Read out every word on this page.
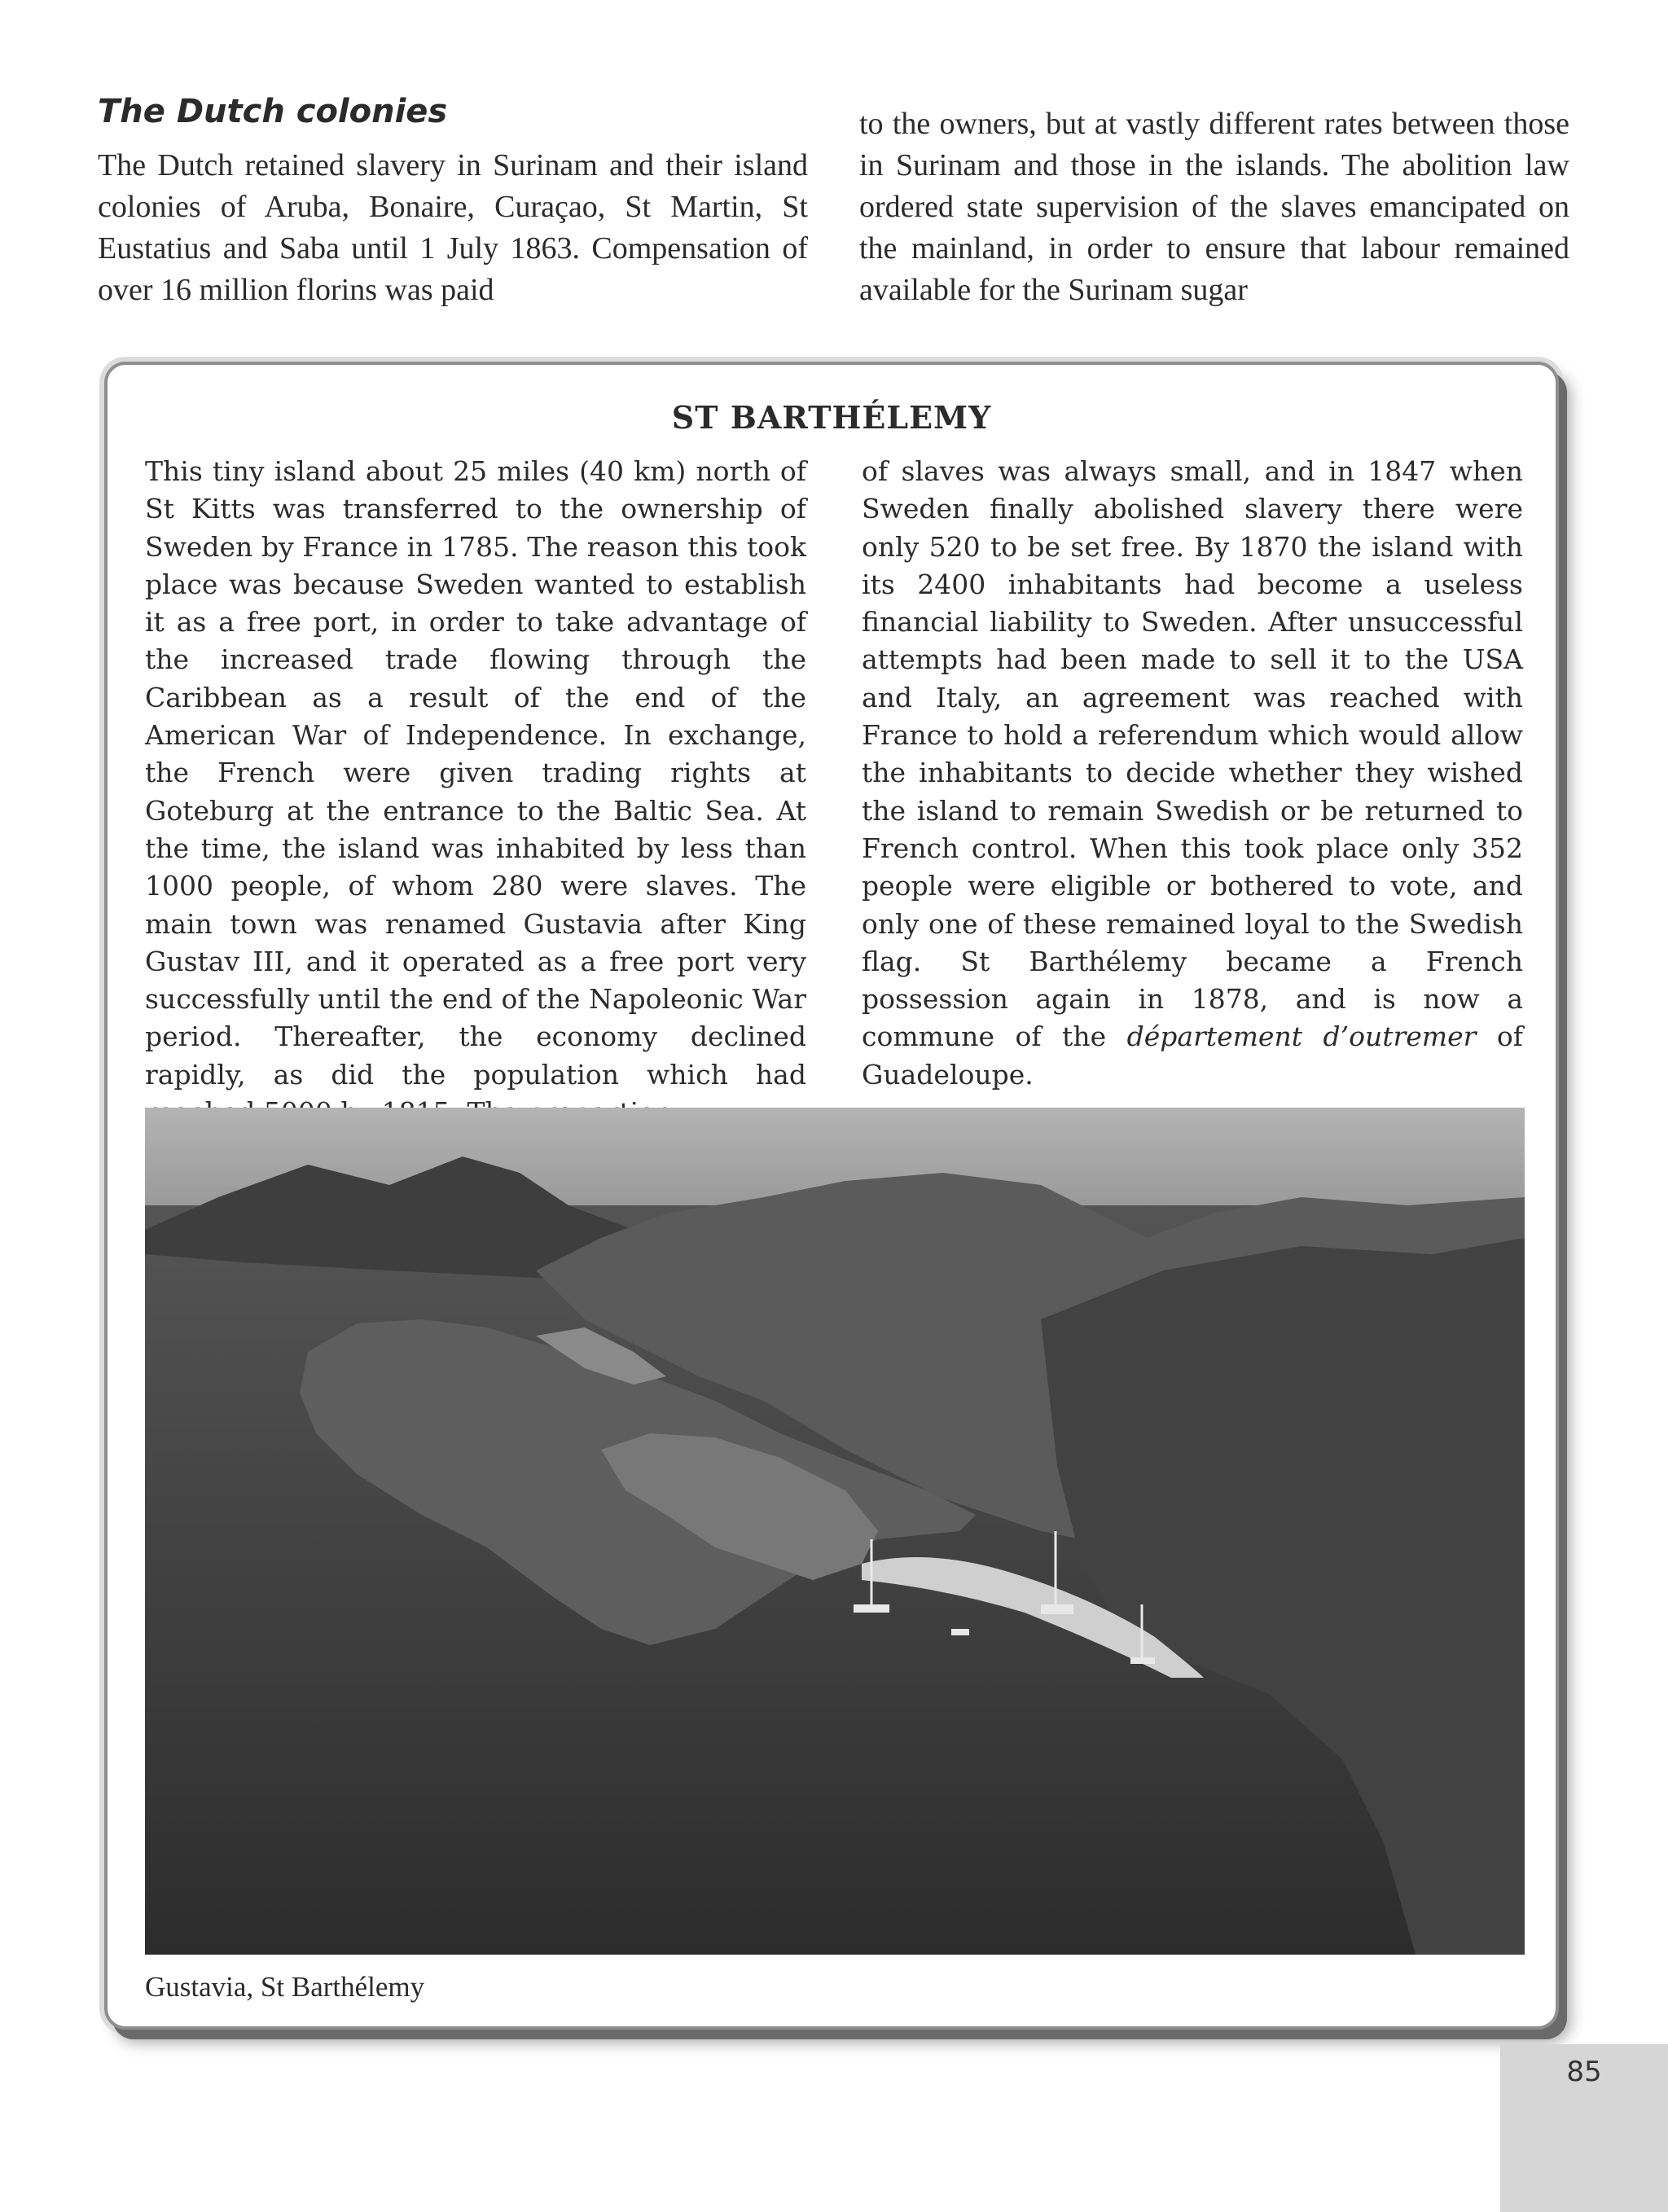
The Dutch colonies

The Dutch retained slavery in Surinam and their island colonies of Aruba, Bonaire, Curaçao, St Martin, St Eustatius and Saba until 1 July 1863. Compensation of over 16 million florins was paid

to the owners, but at vastly different rates between those in Surinam and those in the islands. The abolition law ordered state supervision of the slaves emancipated on the mainland, in order to ensure that labour remained available for the Surinam sugar

ST BARTHÉLEMY

This tiny island about 25 miles (40 km) north of St Kitts was transferred to the ownership of Sweden by France in 1785. The reason this took place was because Sweden wanted to establish it as a free port, in order to take advantage of the increased trade flowing through the Caribbean as a result of the end of the American War of Independence. In exchange, the French were given trading rights at Goteburg at the entrance to the Baltic Sea. At the time, the island was inhabited by less than 1000 people, of whom 280 were slaves. The main town was renamed Gustavia after King Gustav III, and it operated as a free port very successfully until the end of the Napoleonic War period. Thereafter, the economy declined rapidly, as did the population which had

of slaves was always small, and in 1847 when Sweden finally abolished slavery there were only 520 to be set free. By 1870 the island with its 2400 inhabitants had become a useless financial liability to Sweden. After unsuccessful attempts had been made to sell it to the USA and Italy, an agreement was reached with France to hold a referendum which would allow the inhabitants to decide whether they wished the island to remain Swedish or be returned to French control. When this took place only 352 people were eligible or bothered to vote, and only one of these remained loyal to the Swedish flag. St Barthélemy became a French possession again in 1878, and is now a commune of the département d’outremer of Guadeloupe.

Gustavia, St Barthélemy

85
